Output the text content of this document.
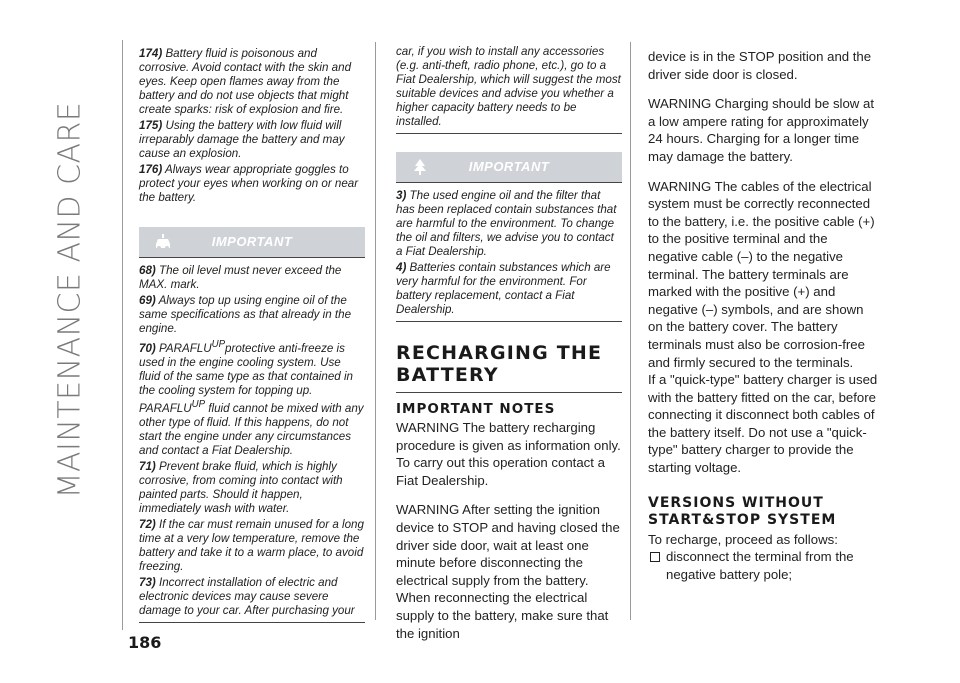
MAINTENANCE AND CARE
186

174) Battery fluid is poisonous and corrosive. Avoid contact with the skin and eyes. Keep open flames away from the battery and do not use objects that might create sparks: risk of explosion and fire.

175) Using the battery with low fluid will irreparably damage the battery and may cause an explosion.

176) Always wear appropriate goggles to protect your eyes when working on or near the battery.

IMPORTANT

68) The oil level must never exceed the MAX. mark.

69) Always top up using engine oil of the same specifications as that already in the engine.

70) $PARAFLU^{UP}protective$ anti-freeze is used in the engine cooling system. Use fluid of the same type as that contained in the cooling system for topping up. $PARAFLU^{UP}$ fluid cannot be mixed with any other type of fluid. If this happens, do not start the engine under any circumstances and contact a Fiat Dealership.

71) Prevent brake fluid, which is highly corrosive, from coming into contact with painted parts. Should it happen, immediately wash with water.

72) If the car must remain unused for a long time at a very low temperature, remove the battery and take it to a warm place, to avoid freezing.

73) Incorrect installation of electric and electronic devices may cause severe damage to your car. After purchasing your

car, if you wish to install any accessories (e.g. anti-theft, radio phone, etc.), go to a Fiat Dealership, which will suggest the most suitable devices and advise you whether a higher capacity battery needs to be installed.

IMPORTANT

3) The used engine oil and the filter that has been replaced contain substances that are harmful to the environment. To change the oil and filters, we advise you to contact a Fiat Dealership.

4) Batteries contain substances which are very harmful for the environment. For battery replacement, contact a Fiat Dealership.

RECHARGING THE BATTERY
IMPORTANT NOTES

WARNING The battery recharging procedure is given as information only. To carry out this operation contact a Fiat Dealership.

WARNING After setting the ignition device to STOP and having closed the driver side door, wait at least one minute before disconnecting the electrical supply from the battery. When reconnecting the electrical supply to the battery, make sure that the ignition

device is in the STOP position and the driver side door is closed.

WARNING Charging should be slow at a low ampere rating for approximately 24 hours. Charging for a longer time may damage the battery.

WARNING The cables of the electrical system must be correctly reconnected to the battery, i.e. the positive cable (+) to the positive terminal and the negative cable (–) to the negative terminal. The battery terminals are marked with the positive (+) and negative (–) symbols, and are shown on the battery cover. The battery terminals must also be corrosion-free and firmly secured to the terminals.

If a "quick-type" battery charger is used with the battery fitted on the car, before connecting it disconnect both cables of the battery itself. Do not use a "quick-type" battery charger to provide the starting voltage.

VERSIONS WITHOUT START&STOP SYSTEM

To recharge, proceed as follows:

disconnect the terminal from the negative battery pole;
